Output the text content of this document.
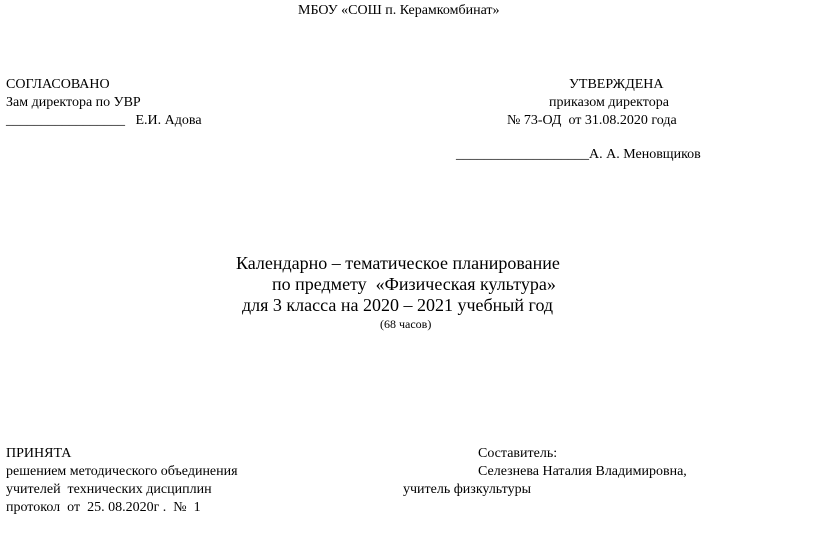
МБОУ «СОШ п. Керамкомбинат»
СОГЛАСОВАНО
Зам директора по УВР
_________________   Е.И. Адова
УТВЕРЖДЕНА
приказом директора
№ 73-ОД  от 31.08.2020 года
___________________А. А. Меновщиков
Календарно – тематическое планирование
по предмету  «Физическая культура»
для 3 класса на 2020 – 2021 учебный год
(68 часов)
ПРИНЯТА
решением методического объединения
учителей  технических дисциплин
протокол  от  25. 08.2020г .  №  1
Составитель:
Селезнева Наталия Владимировна,
учитель физкультуры
